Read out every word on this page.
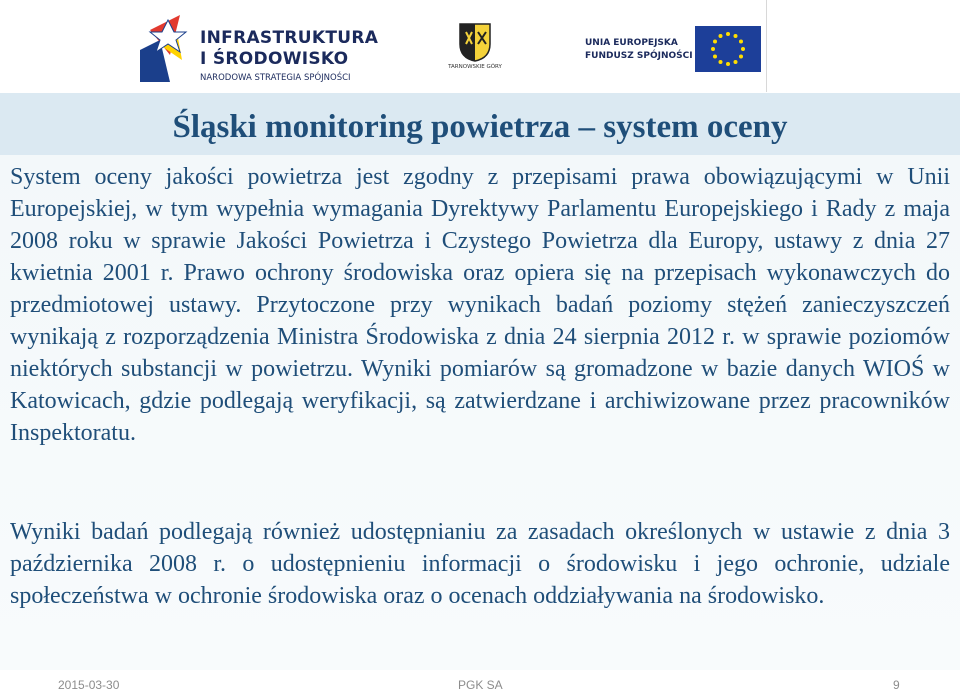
INFRASTRUKTURA
I ŚRODOWISKO
NARODOWA STRATEGIA SPÓJNOŚCI
TARNOWSKIE GÓRY
UNIA EUROPEJSKA
FUNDUSZ SPÓJNOŚCI
Śląski monitoring powietrza – system oceny

System oceny jakości powietrza jest zgodny z przepisami prawa obowiązującymi w Unii Europejskiej, w tym wypełnia wymagania Dyrektywy Parlamentu Europejskiego i Rady z maja 2008 roku w sprawie Jakości Powietrza i Czystego Powietrza dla Europy, ustawy z dnia 27 kwietnia 2001 r. Prawo ochrony środowiska oraz opiera się na przepisach wykonawczych do przedmiotowej ustawy. Przytoczone przy wynikach badań poziomy stężeń zanieczyszczeń wynikają z rozporządzenia Ministra Środowiska z dnia 24 sierpnia 2012 r. w sprawie poziomów niektórych substancji w powietrzu. Wyniki pomiarów są gromadzone w bazie danych WIOŚ w Katowicach, gdzie podlegają weryfikacji, są zatwierdzane i archiwizowane przez pracowników Inspektoratu.

Wyniki badań podlegają również udostępnianiu za zasadach określonych w ustawie z dnia 3 października 2008 r. o udostępnieniu informacji o środowisku i jego ochronie, udziale społeczeństwa w ochronie środowiska oraz o ocenach oddziaływania na środowisko.

2015-03-30	PGK SA	9
